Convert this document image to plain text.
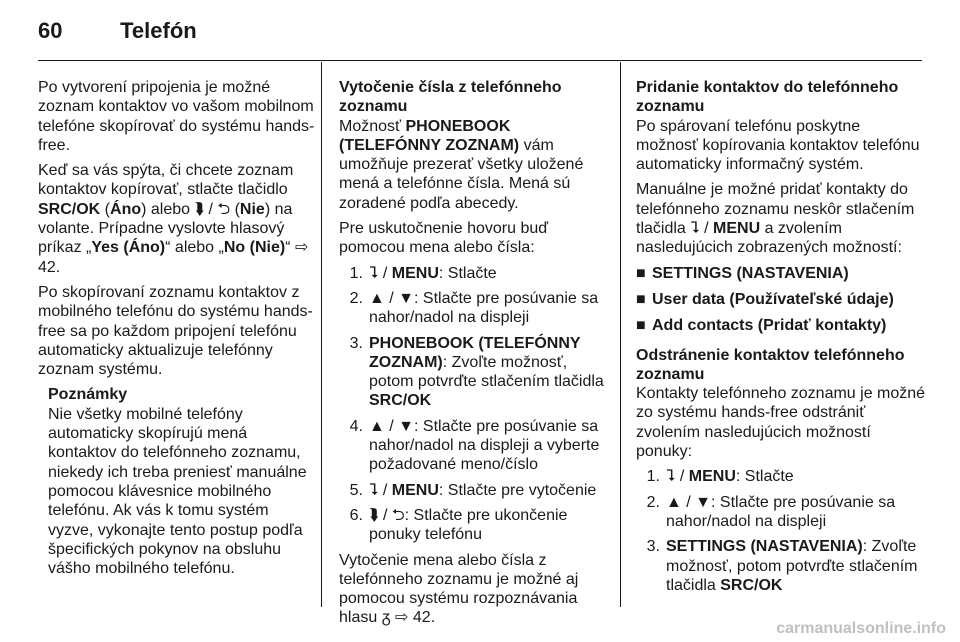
60	Telefón

Po vytvorení pripojenia je možné zoznam kontaktov vo vašom mobilnom telefóne skopírovať do systému hands-free.

Keď sa vás spýta, či chcete zoznam kontaktov kopírovať, stlačte tlačidlo SRC/OK (Áno) alebo ⮯ / ⮌ (Nie) na volante. Prípadne vyslovte hlasový príkaz „Yes (Áno)“ alebo „No (Nie)“ ⇨ 42.

Po skopírovaní zoznamu kontaktov z mobilného telefónu do systému hands-free sa po každom pripojení telefónu automaticky aktualizuje telefónny zoznam systému.

Poznámky

Nie všetky mobilné telefóny automaticky skopírujú mená kontaktov do telefónneho zoznamu, niekedy ich treba preniesť manuálne pomocou klávesnice mobilného telefónu. Ak vás k tomu systém vyzve, vykonajte tento postup podľa špecifických pokynov na obsluhu vášho mobilného telefónu.

Vytočenie čísla z telefónneho zoznamu

Možnosť PHONEBOOK (TELEFÓNNY ZOZNAM) vám umožňuje prezerať všetky uložené mená a telefónne čísla. Mená sú zoradené podľa abecedy.

Pre uskutočnenie hovoru buď pomocou mena alebo čísla:

1. ⮧ / MENU: Stlačte
2. ▲ / ▼: Stlačte pre posúvanie sa nahor/nadol na displeji
3. PHONEBOOK (TELEFÓNNY ZOZNAM): Zvoľte možnosť, potom potvrďte stlačením tlačidla SRC/OK
4. ▲ / ▼: Stlačte pre posúvanie sa nahor/nadol na displeji a vyberte požadované meno/číslo
5. ⮧ / MENU: Stlačte pre vytočenie
6. ⮯ / ⮌: Stlačte pre ukončenie ponuky telefónu

Vytočenie mena alebo čísla z telefónneho zoznamu je možné aj pomocou systému rozpoznávania hlasu ᵹ ⇨ 42.

Pridanie kontaktov do telefónneho zoznamu

Po spárovaní telefónu poskytne možnosť kopírovania kontaktov telefónu automaticky informačný systém.

Manuálne je možné pridať kontakty do telefónneho zoznamu neskôr stlačením tlačidla ⮧ / MENU a zvolením nasledujúcich zobrazených možností:

■ SETTINGS (NASTAVENIA)
■ User data (Používateľské údaje)
■ Add contacts (Pridať kontakty)

Odstránenie kontaktov telefónneho zoznamu

Kontakty telefónneho zoznamu je možné zo systému hands-free odstrániť zvolením nasledujúcich možností ponuky:

1. ⮧ / MENU: Stlačte
2. ▲ / ▼: Stlačte pre posúvanie sa nahor/nadol na displeji
3. SETTINGS (NASTAVENIA): Zvoľte možnosť, potom potvrďte stlačením tlačidla SRC/OK
carmanualsonline.info
